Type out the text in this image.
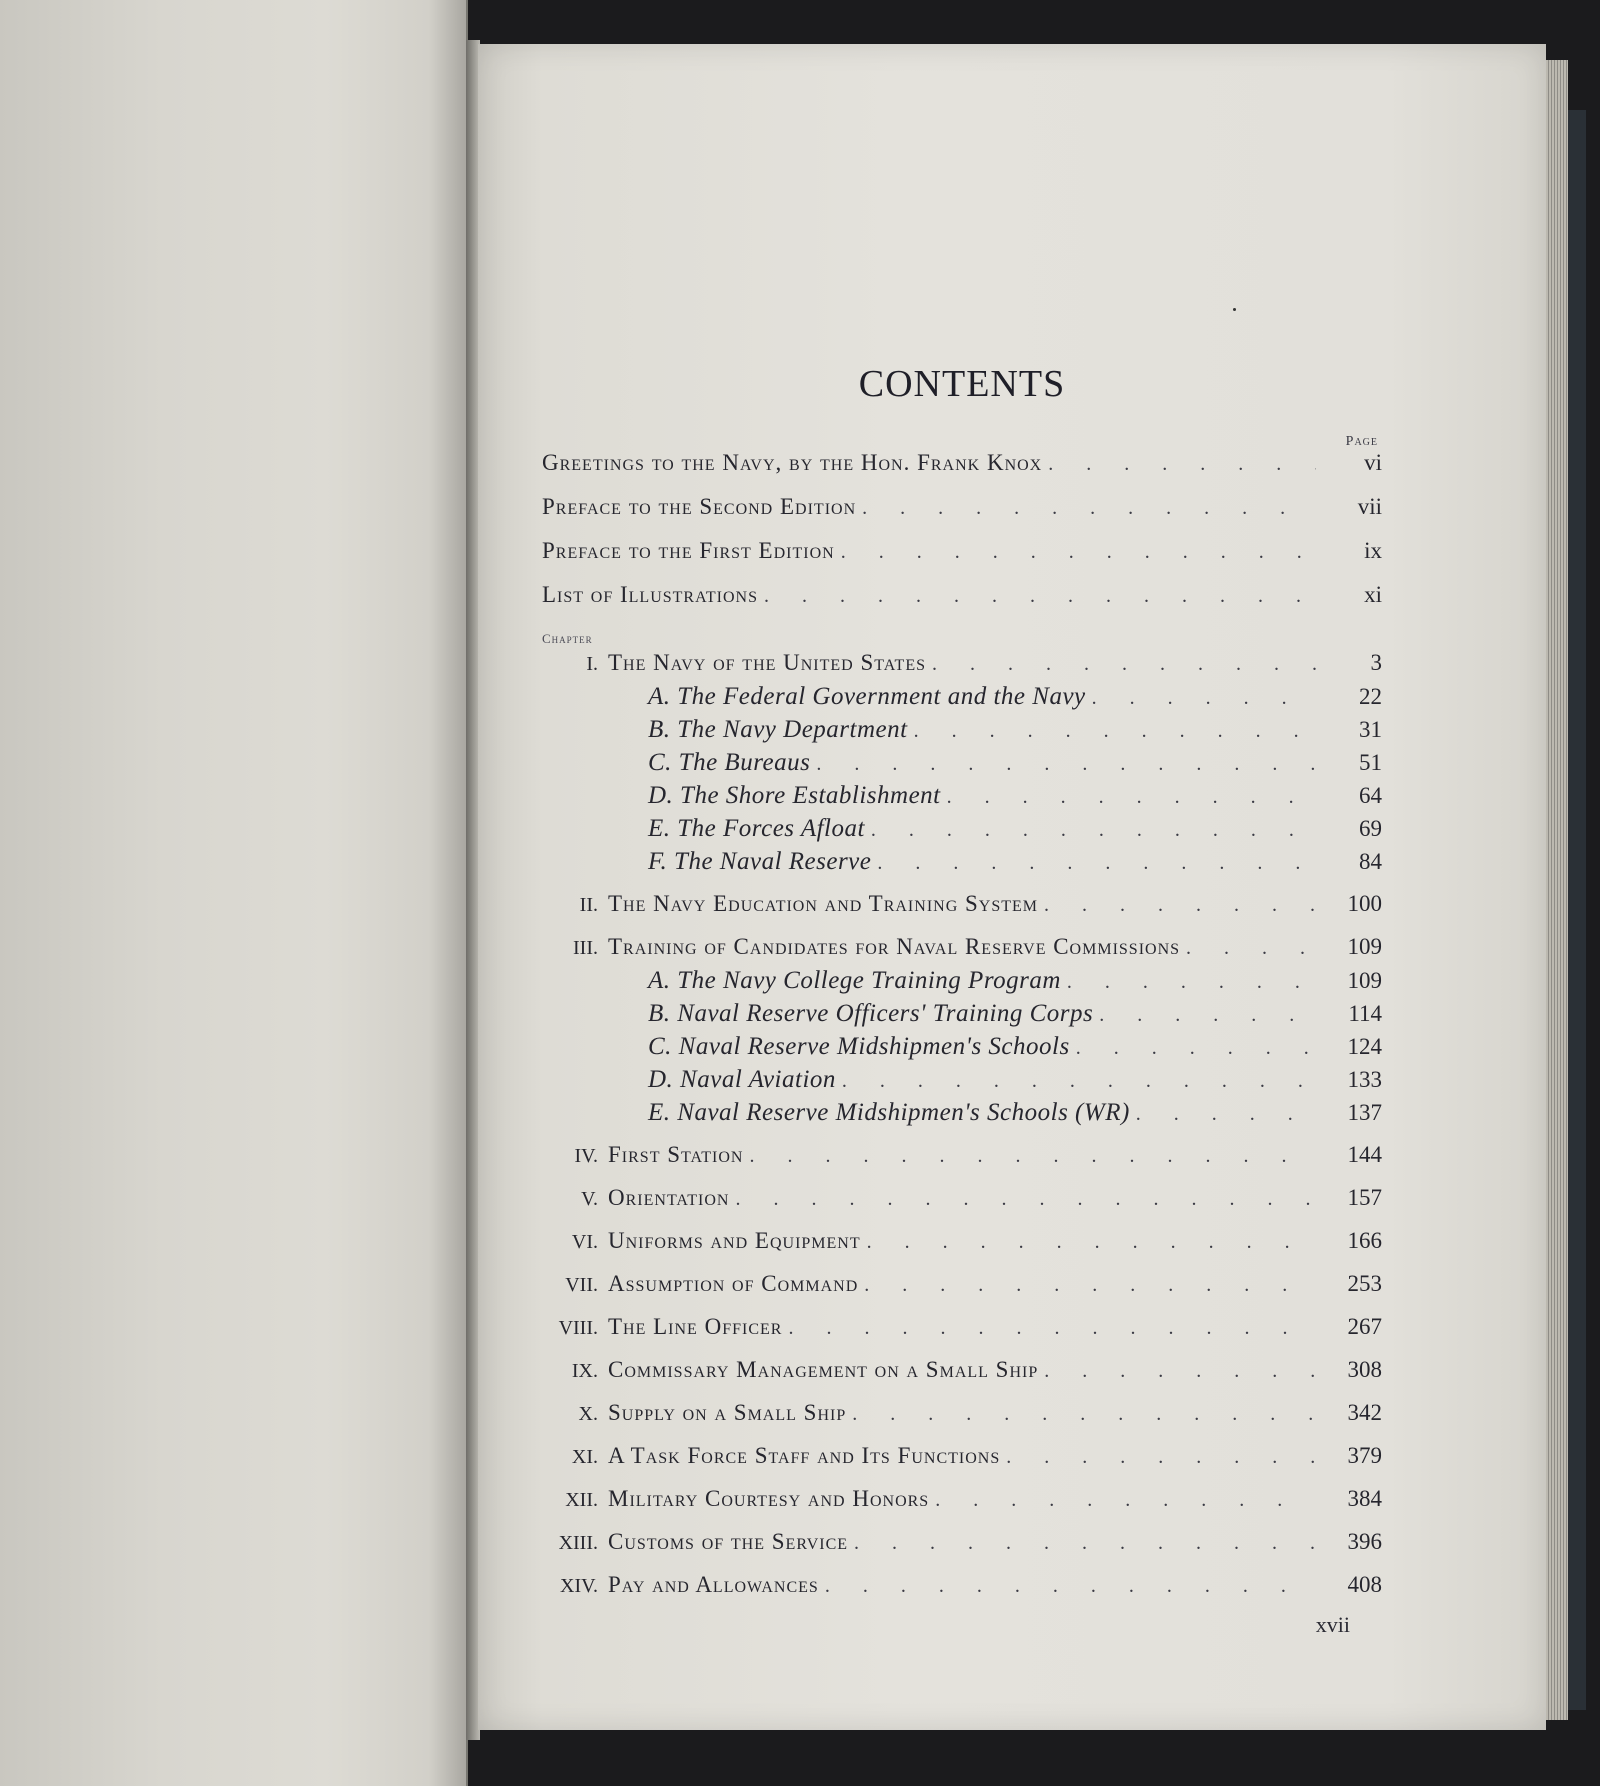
CONTENTS
Page
Chapter
xvii
Greetings to the Navy, by the Hon. Frank Knox . . .	vi
Preface to the Second Edition . . .	vii
Preface to the First Edition . . .	ix
List of Illustrations . . .	xi
I. The Navy of the United States . . .	3
A. The Federal Government and the Navy . . .	22
B. The Navy Department . . .	31
C. The Bureaus . . .	51
D. The Shore Establishment . . .	64
E. The Forces Afloat . . .	69
F. The Naval Reserve . . .	84
II. The Navy Education and Training System . . .	100
III. Training of Candidates for Naval Reserve Commissions . . .	109
A. The Navy College Training Program . . .	109
B. Naval Reserve Officers' Training Corps . . .	114
C. Naval Reserve Midshipmen's Schools . . .	124
D. Naval Aviation . . .	133
E. Naval Reserve Midshipmen's Schools (WR) . . .	137
IV. First Station . . .	144
V. Orientation . . .	157
VI. Uniforms and Equipment . . .	166
VII. Assumption of Command . . .	253
VIII. The Line Officer . . .	267
IX. Commissary Management on a Small Ship . . .	308
X. Supply on a Small Ship . . .	342
XI. A Task Force Staff and Its Functions . . .	379
XII. Military Courtesy and Honors . . .	384
XIII. Customs of the Service . . .	396
XIV. Pay and Allowances . . .	408
